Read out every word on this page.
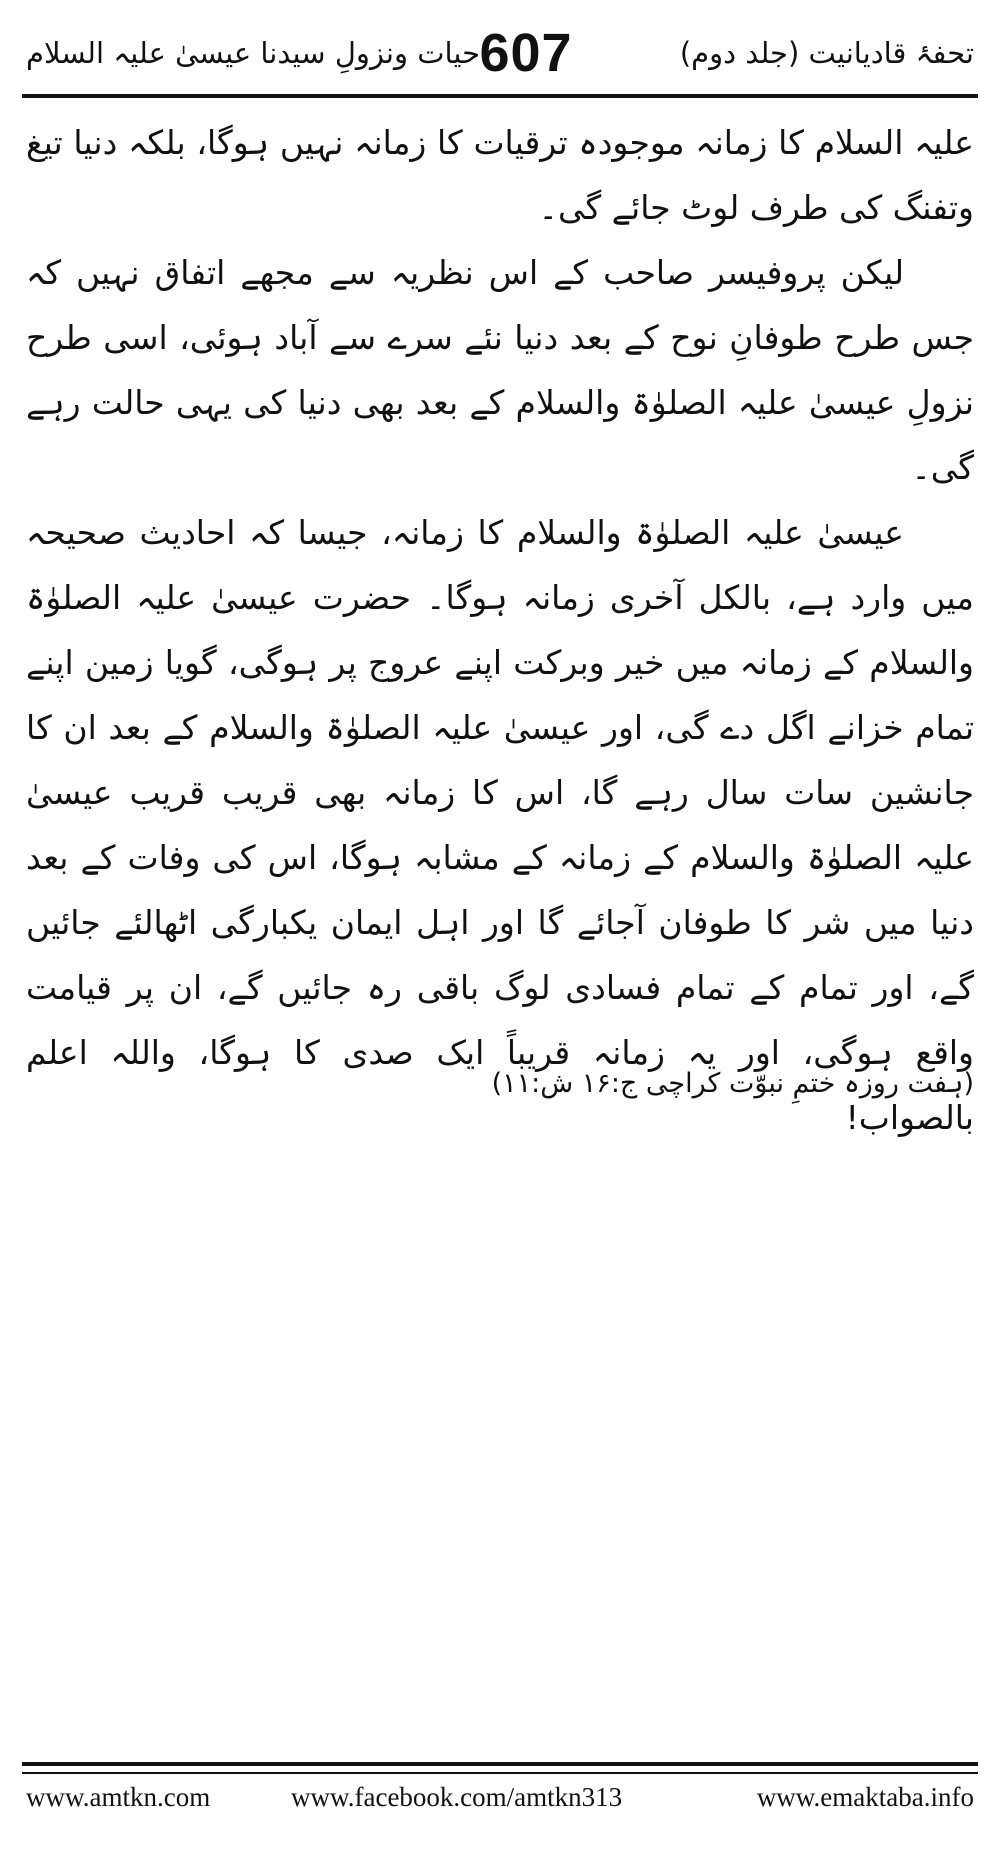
تحفۂ قادیانیت (جلد دوم)
607
حیات ونزولِ سیدنا عیسیٰ علیہ السلام

علیہ السلام کا زمانہ موجودہ ترقیات کا زمانہ نہیں ہوگا، بلکہ دنیا تیغ وتفنگ کی طرف لوٹ جائے گی۔

لیکن پروفیسر صاحب کے اس نظریہ سے مجھے اتفاق نہیں کہ جس طرح طوفانِ نوح کے بعد دنیا نئے سرے سے آباد ہوئی، اسی طرح نزولِ عیسیٰ علیہ الصلوٰۃ والسلام کے بعد بھی دنیا کی یہی حالت رہے گی۔

عیسیٰ علیہ الصلوٰۃ والسلام کا زمانہ، جیسا کہ احادیث صحیحہ میں وارد ہے، بالکل آخری زمانہ ہوگا۔ حضرت عیسیٰ علیہ الصلوٰۃ والسلام کے زمانہ میں خیر وبرکت اپنے عروج پر ہوگی، گویا زمین اپنے تمام خزانے اگل دے گی، اور عیسیٰ علیہ الصلوٰۃ والسلام کے بعد ان کا جانشین سات سال رہے گا، اس کا زمانہ بھی قریب قریب عیسیٰ علیہ الصلوٰۃ والسلام کے زمانہ کے مشابہ ہوگا، اس کی وفات کے بعد دنیا میں شر کا طوفان آجائے گا اور اہل ایمان یکبارگی اٹھالئے جائیں گے، اور تمام کے تمام فسادی لوگ باقی رہ جائیں گے، ان پر قیامت واقع ہوگی، اور یہ زمانہ قریباً ایک صدی کا ہوگا، واللہ اعلم بالصواب!

(ہفت روزہ ختمِ نبوّت کراچی ج:۱۶ ش:۱۱)
www.amtkn.com	www.facebook.com/amtkn313	www.emaktaba.info
